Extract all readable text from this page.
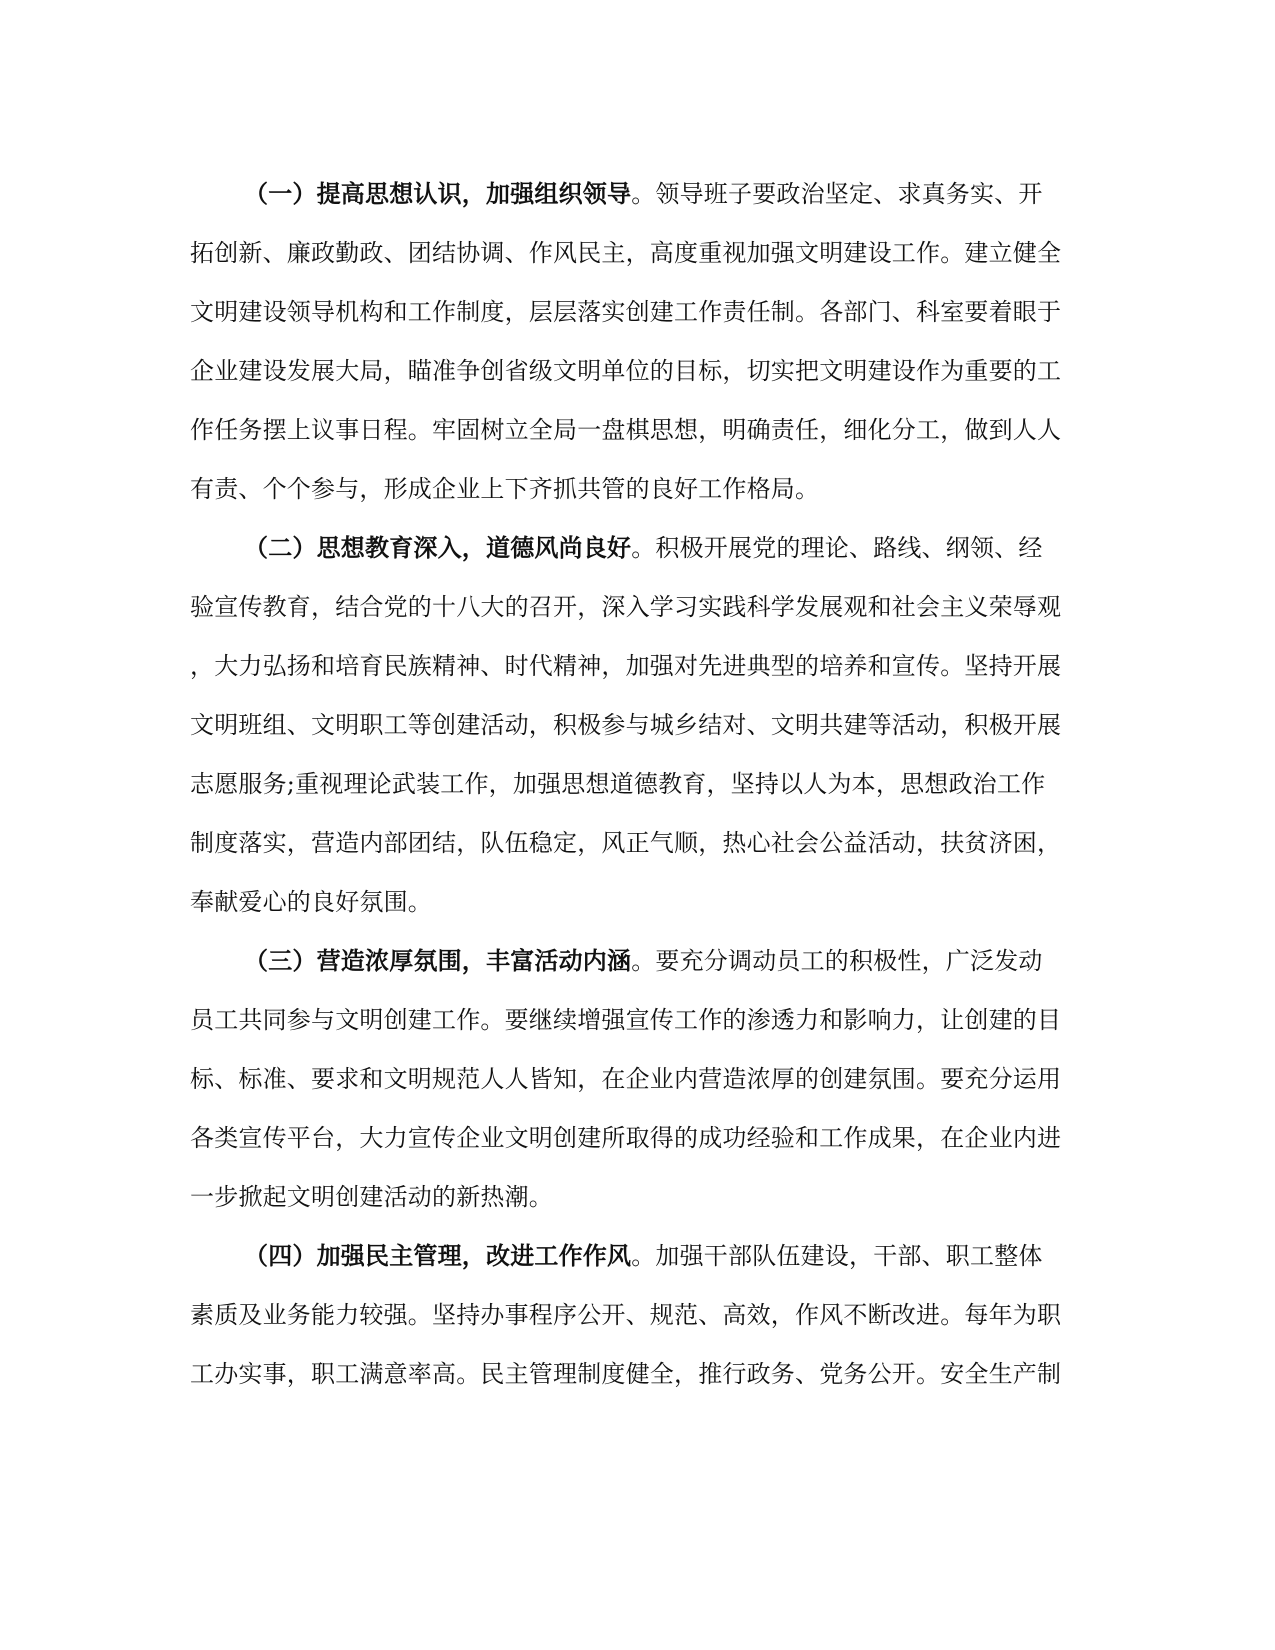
（一）提高思想认识，加强组织领导。领导班子要政治坚定、求真务实、开
拓创新、廉政勤政、团结协调、作风民主，高度重视加强文明建设工作。建立健全
文明建设领导机构和工作制度，层层落实创建工作责任制。各部门、科室要着眼于
企业建设发展大局，瞄准争创省级文明单位的目标，切实把文明建设作为重要的工
作任务摆上议事日程。牢固树立全局一盘棋思想，明确责任，细化分工，做到人人
有责、个个参与，形成企业上下齐抓共管的良好工作格局。
（二）思想教育深入，道德风尚良好。积极开展党的理论、路线、纲领、经
验宣传教育，结合党的十八大的召开，深入学习实践科学发展观和社会主义荣辱观
，大力弘扬和培育民族精神、时代精神，加强对先进典型的培养和宣传。坚持开展
文明班组、文明职工等创建活动，积极参与城乡结对、文明共建等活动，积极开展
志愿服务;重视理论武装工作，加强思想道德教育，坚持以人为本，思想政治工作
制度落实，营造内部团结，队伍稳定，风正气顺，热心社会公益活动，扶贫济困，
奉献爱心的良好氛围。
（三）营造浓厚氛围，丰富活动内涵。要充分调动员工的积极性，广泛发动
员工共同参与文明创建工作。要继续增强宣传工作的渗透力和影响力，让创建的目
标、标准、要求和文明规范人人皆知，在企业内营造浓厚的创建氛围。要充分运用
各类宣传平台，大力宣传企业文明创建所取得的成功经验和工作成果，在企业内进
一步掀起文明创建活动的新热潮。
（四）加强民主管理，改进工作作风。加强干部队伍建设，干部、职工整体
素质及业务能力较强。坚持办事程序公开、规范、高效，作风不断改进。每年为职
工办实事，职工满意率高。民主管理制度健全，推行政务、党务公开。安全生产制
